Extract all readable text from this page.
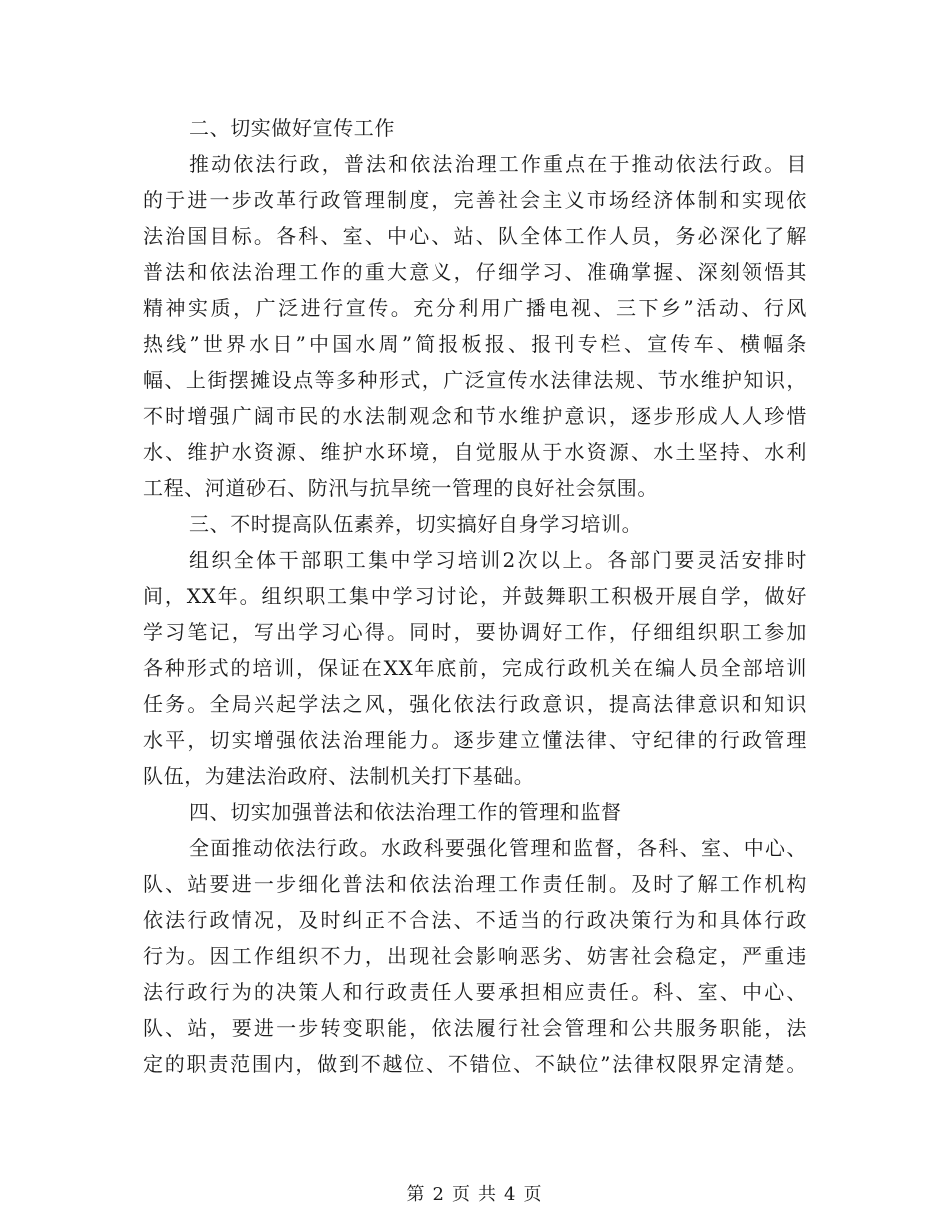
二、切实做好宣传工作
推动依法行政，普法和依法治理工作重点在于推动依法行政。目
的于进一步改革行政管理制度，完善社会主义市场经济体制和实现依
法治国目标。各科、室、中心、站、队全体工作人员，务必深化了解
普法和依法治理工作的重大意义，仔细学习、准确掌握、深刻领悟其
精神实质，广泛进行宣传。充分利用广播电视、三下乡”活动、行风
热线”世界水日”中国水周”简报板报、报刊专栏、宣传车、横幅条
幅、上街摆摊设点等多种形式，广泛宣传水法律法规、节水维护知识，
不时增强广阔市民的水法制观念和节水维护意识，逐步形成人人珍惜
水、维护水资源、维护水环境，自觉服从于水资源、水土坚持、水利
工程、河道砂石、防汛与抗旱统一管理的良好社会氛围。
三、不时提高队伍素养，切实搞好自身学习培训。
组织全体干部职工集中学习培训2次以上。各部门要灵活安排时
间，XX年。组织职工集中学习讨论，并鼓舞职工积极开展自学，做好
学习笔记，写出学习心得。同时，要协调好工作，仔细组织职工参加
各种形式的培训，保证在XX年底前，完成行政机关在编人员全部培训
任务。全局兴起学法之风，强化依法行政意识，提高法律意识和知识
水平，切实增强依法治理能力。逐步建立懂法律、守纪律的行政管理
队伍，为建法治政府、法制机关打下基础。
四、切实加强普法和依法治理工作的管理和监督
全面推动依法行政。水政科要强化管理和监督，各科、室、中心、
队、站要进一步细化普法和依法治理工作责任制。及时了解工作机构
依法行政情况，及时纠正不合法、不适当的行政决策行为和具体行政
行为。因工作组织不力，出现社会影响恶劣、妨害社会稳定，严重违
法行政行为的决策人和行政责任人要承担相应责任。科、室、中心、
队、站，要进一步转变职能，依法履行社会管理和公共服务职能，法
定的职责范围内，做到不越位、不错位、不缺位”法律权限界定清楚。
第 2 页 共 4 页
